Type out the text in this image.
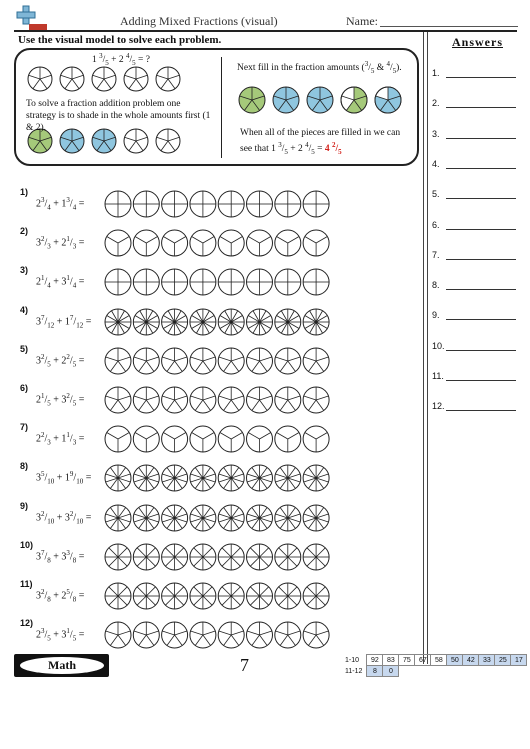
Adding Mixed Fractions (visual)	Name:
Use the visual model to solve each problem.	Answers
1 $^3/_5 + 2$ $^4/_5$ = ?
To solve a fraction addition problem one strategy is to shade in the whole amounts first (1 & 2).
Next fill in the fraction amounts ($^3/_5$ & $^4/_5$).
When all of the pieces are filled in we can see that 1 $^3/_5 + 2$ $^4/_5 = 4$ $^2/_5$
1)
$2^3/_4 + 1^3/_4$ =
2)
$3^2/_3 + 2^1/_3$ =
3)
$2^1/_4 + 3^1/_4$ =
4)
$3^7/_{12} + 1^7/_{12}$ =
5)
$3^2/_5 + 2^2/_5$ =
6)
$2^1/_5 + 3^2/_5$ =
7)
$2^2/_3 + 1^1/_3$ =
8)
$3^5/_{10} + 1^9/_{10}$ =
9)
$3^2/_{10} + 3^2/_{10}$ =
10)
$3^7/_8 + 3^3/_8$ =
11)
$3^2/_8 + 2^5/_8$ =
12)
$2^3/_5 + 3^1/_5$ =
1.
2.
3.
4.
5.
6.
7.
8.
9.
10.
11.
12.
Math	7	1-10	92	83	75	67	58	50	42	33	25	17
11-12	8	0								
